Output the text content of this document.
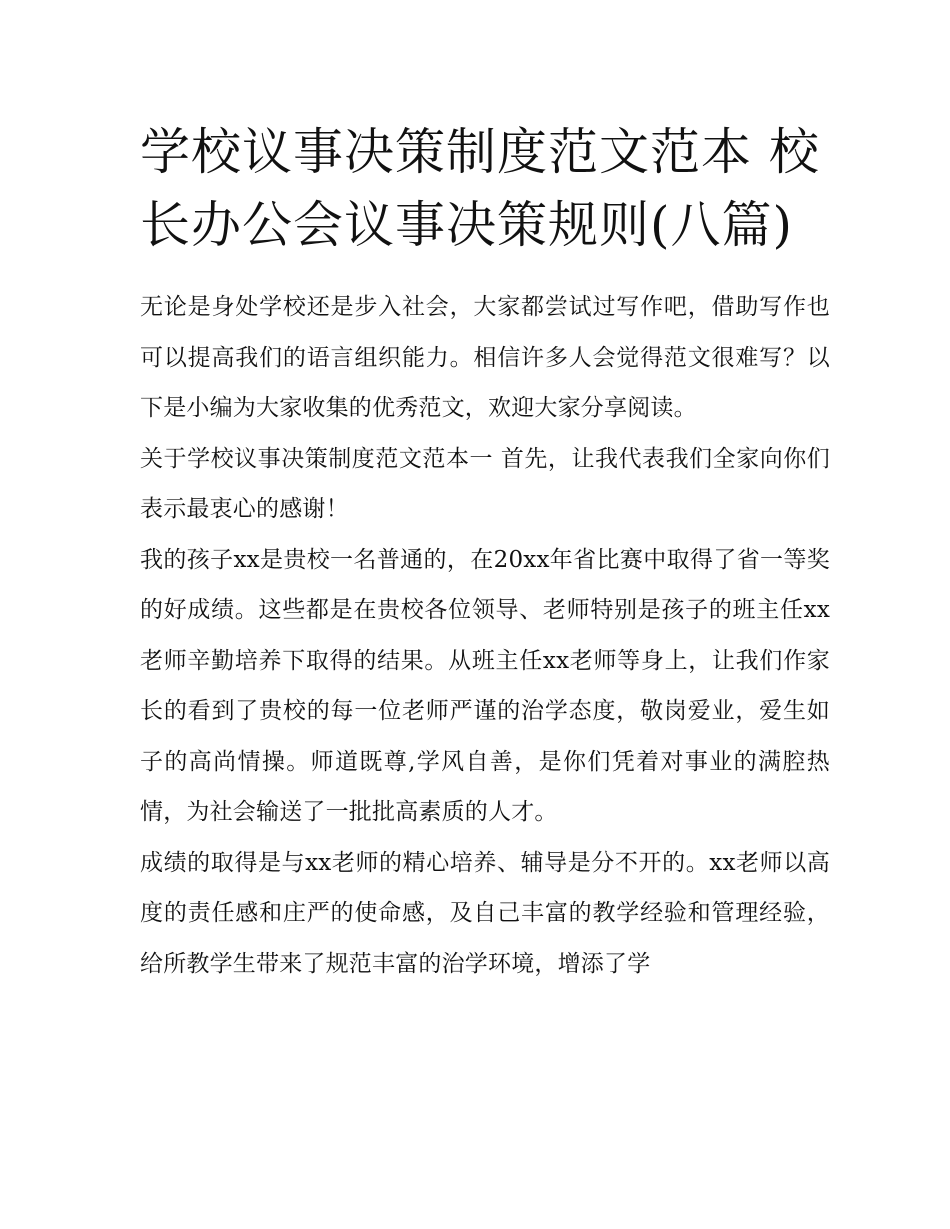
学校议事决策制度范文范本 校长办公会议事决策规则(八篇)

无论是身处学校还是步入社会，大家都尝试过写作吧，借助写作也可以提高我们的语言组织能力。相信许多人会觉得范文很难写？以下是小编为大家收集的优秀范文，欢迎大家分享阅读。

关于学校议事决策制度范文范本一 首先，让我代表我们全家向你们表示最衷心的感谢！

我的孩子xx是贵校一名普通的，在20xx年省比赛中取得了省一等奖的好成绩。这些都是在贵校各位领导、老师特别是孩子的班主任xx老师辛勤培养下取得的结果。从班主任xx老师等身上，让我们作家长的看到了贵校的每一位老师严谨的治学态度，敬岗爱业，爱生如子的高尚情操。师道既尊,学风自善，是你们凭着对事业的满腔热情，为社会输送了一批批高素质的人才。

成绩的取得是与xx老师的精心培养、辅导是分不开的。xx老师以高度的责任感和庄严的使命感，及自己丰富的教学经验和管理经验，给所教学生带来了规范丰富的治学环境，增添了学
